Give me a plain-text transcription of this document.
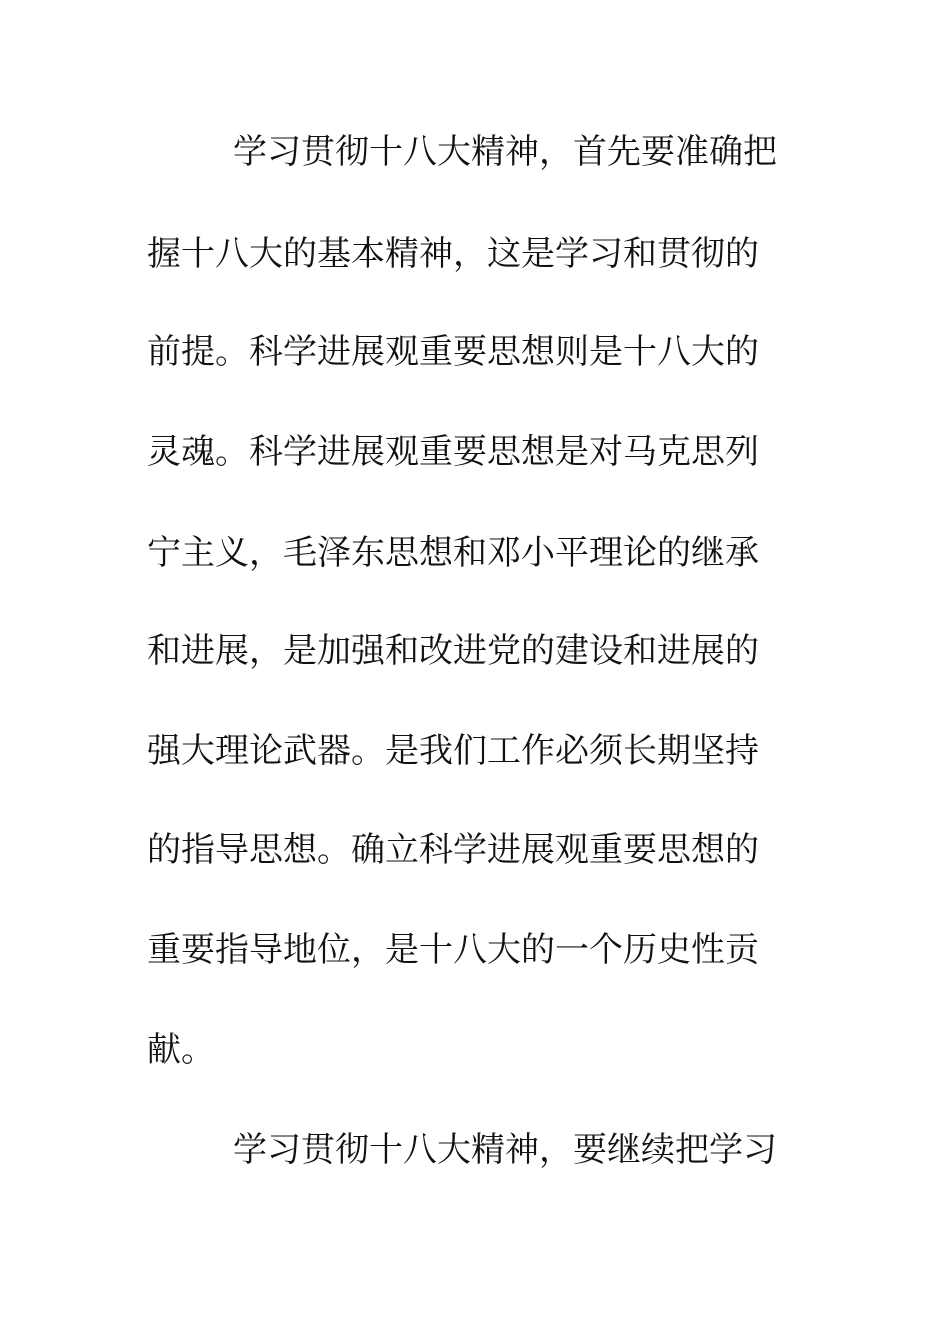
学习贯彻十八大精神，首先要准确把
握十八大的基本精神，这是学习和贯彻的
前提。科学进展观重要思想则是十八大的
灵魂。科学进展观重要思想是对马克思列
宁主义，毛泽东思想和邓小平理论的继承
和进展，是加强和改进党的建设和进展的
强大理论武器。是我们工作必须长期坚持
的指导思想。确立科学进展观重要思想的
重要指导地位，是十八大的一个历史性贡
献。
学习贯彻十八大精神，要继续把学习
